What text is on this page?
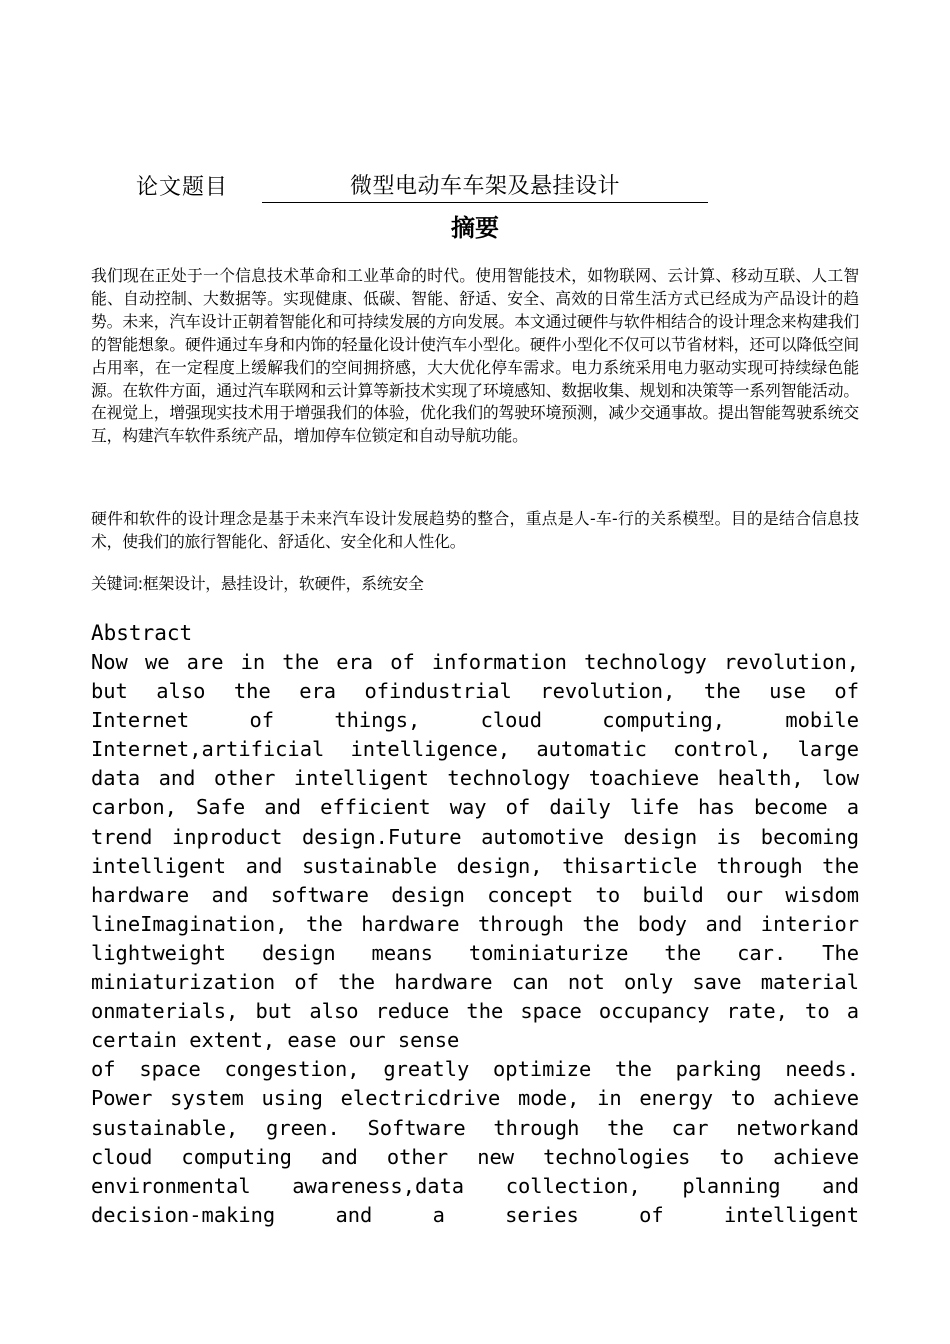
论文题目	微型电动车车架及悬挂设计
摘要
我们现在正处于一个信息技术革命和工业革命的时代。使用智能技术，如物联网、云计算、移动互联、人工智能、自动控制、大数据等。实现健康、低碳、智能、舒适、安全、高效的日常生活方式已经成为产品设计的趋势。未来，汽车设计正朝着智能化和可持续发展的方向发展。本文通过硬件与软件相结合的设计理念来构建我们的智能想象。硬件通过车身和内饰的轻量化设计使汽车小型化。硬件小型化不仅可以节省材料，还可以降低空间占用率，在一定程度上缓解我们的空间拥挤感，大大优化停车需求。电力系统采用电力驱动实现可持续绿色能源。在软件方面，通过汽车联网和云计算等新技术实现了环境感知、数据收集、规划和决策等一系列智能活动。在视觉上，增强现实技术用于增强我们的体验，优化我们的驾驶环境预测，减少交通事故。提出智能驾驶系统交互，构建汽车软件系统产品，增加停车位锁定和自动导航功能。
硬件和软件的设计理念是基于未来汽车设计发展趋势的整合，重点是人-车-行的关系模型。目的是结合信息技术，使我们的旅行智能化、舒适化、安全化和人性化。
关键词:框架设计，悬挂设计，软硬件，系统安全
Abstract
Now we are in the era of information technology revolution,
but also the era ofindustrial revolution, the use of
Internet of things, cloud computing, mobile
Internet,artificial intelligence, automatic control, large
data and other intelligent technology toachieve health, low
carbon, Safe and efficient way of daily life has become a
trend inproduct design.Future automotive design is becoming
intelligent and sustainable design, thisarticle through the
hardware and software design concept to build our wisdom
lineImagination, the hardware through the body and interior
lightweight design means tominiaturize the car. The
miniaturization of the hardware can not only save material
onmaterials, but also reduce the space occupancy rate, to a
certain extent, ease our sense
of space congestion, greatly optimize the parking needs.
Power system using electricdrive mode, in energy to achieve
sustainable, green. Software through the car networkand
cloud computing and other new technologies to achieve
environmental awareness,data collection, planning and
decision-making and a series of intelligent
